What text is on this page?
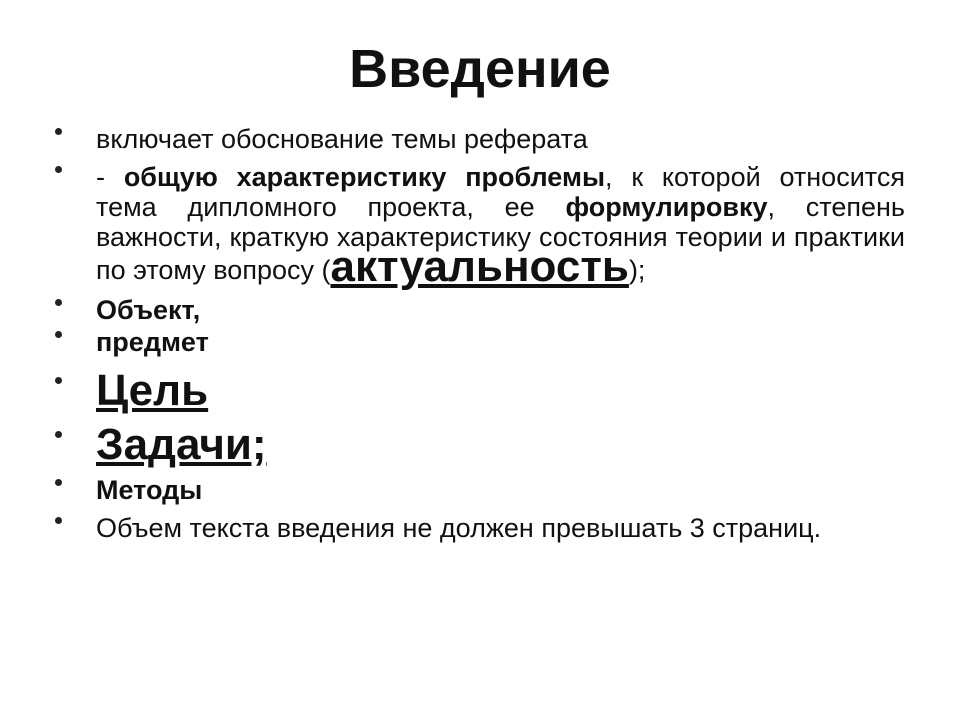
Введение
включает обоснование темы реферата
- общую характеристику проблемы, к которой относится тема дипломного проекта, ее формулировку, степень важности, краткую характеристику состояния теории и практики по этому вопросу (актуальность);
Объект,
предмет
Цель
Задачи;
Методы
Объем текста введения не должен превышать 3 страниц.
